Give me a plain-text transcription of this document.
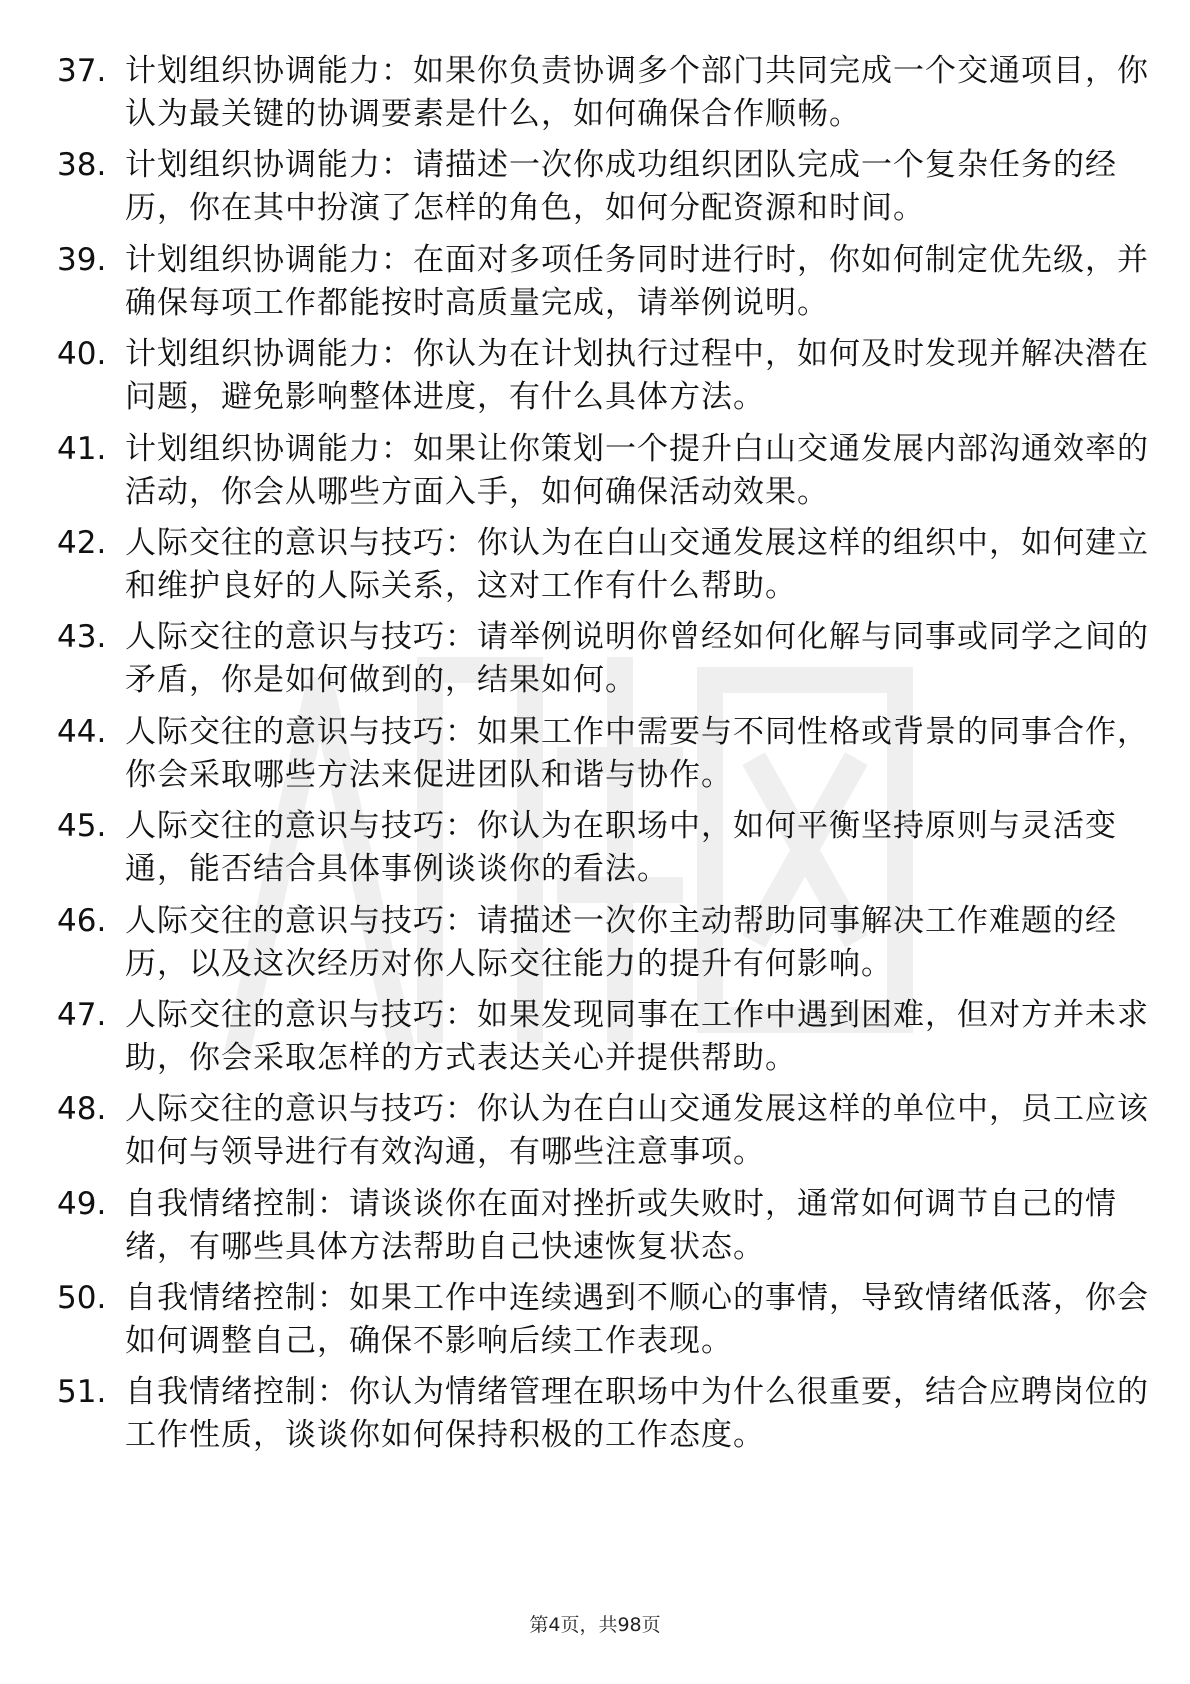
37. 计划组织协调能力：如果你负责协调多个部门共同完成一个交通项目，你认为最关键的协调要素是什么，如何确保合作顺畅。
38. 计划组织协调能力：请描述一次你成功组织团队完成一个复杂任务的经历，你在其中扮演了怎样的角色，如何分配资源和时间。
39. 计划组织协调能力：在面对多项任务同时进行时，你如何制定优先级，并确保每项工作都能按时高质量完成，请举例说明。
40. 计划组织协调能力：你认为在计划执行过程中，如何及时发现并解决潜在问题，避免影响整体进度，有什么具体方法。
41. 计划组织协调能力：如果让你策划一个提升白山交通发展内部沟通效率的活动，你会从哪些方面入手，如何确保活动效果。
42. 人际交往的意识与技巧：你认为在白山交通发展这样的组织中，如何建立和维护良好的人际关系，这对工作有什么帮助。
43. 人际交往的意识与技巧：请举例说明你曾经如何化解与同事或同学之间的矛盾，你是如何做到的，结果如何。
44. 人际交往的意识与技巧：如果工作中需要与不同性格或背景的同事合作，你会采取哪些方法来促进团队和谐与协作。
45. 人际交往的意识与技巧：你认为在职场中，如何平衡坚持原则与灵活变通，能否结合具体事例谈谈你的看法。
46. 人际交往的意识与技巧：请描述一次你主动帮助同事解决工作难题的经历，以及这次经历对你人际交往能力的提升有何影响。
47. 人际交往的意识与技巧：如果发现同事在工作中遇到困难，但对方并未求助，你会采取怎样的方式表达关心并提供帮助。
48. 人际交往的意识与技巧：你认为在白山交通发展这样的单位中，员工应该如何与领导进行有效沟通，有哪些注意事项。
49. 自我情绪控制：请谈谈你在面对挫折或失败时，通常如何调节自己的情绪，有哪些具体方法帮助自己快速恢复状态。
50. 自我情绪控制：如果工作中连续遇到不顺心的事情，导致情绪低落，你会如何调整自己，确保不影响后续工作表现。
51. 自我情绪控制：你认为情绪管理在职场中为什么很重要，结合应聘岗位的工作性质，谈谈你如何保持积极的工作态度。
第4页，共98页
